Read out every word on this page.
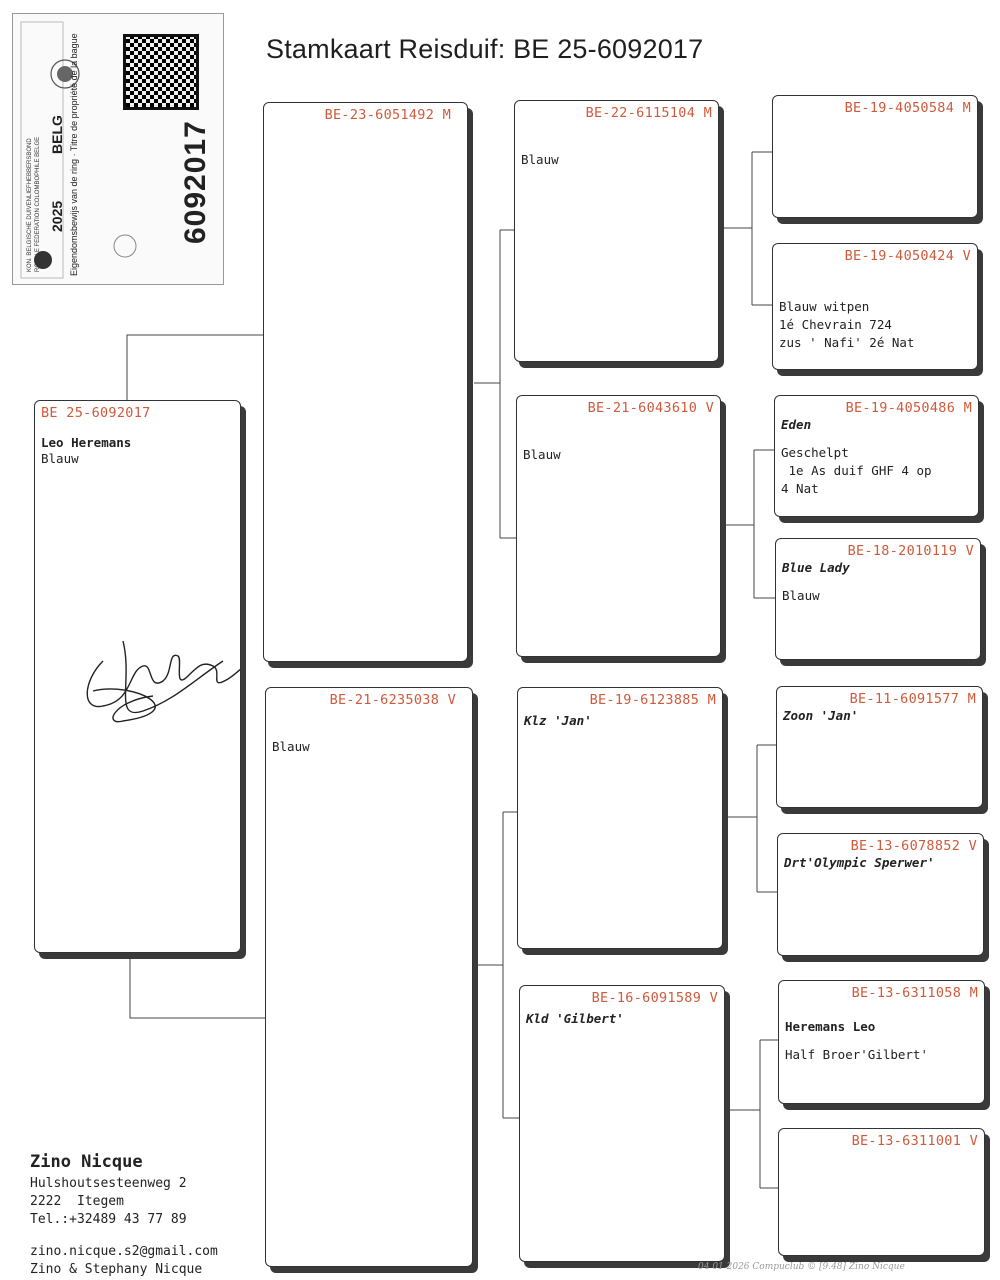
KON. BELGISCHE DUIVENLIEFHEBBERSBOND ROYALE FEDERATION COLOMBOPHILE BELGE 2025
BELG Eigendomsbewijs van de ring · Titre de propriété de la bague	6092017
Stamkaart Reisduif: BE 25-6092017
BE 25-6092017
Leo Heremans
Blauw
BE-23-6051492 M
BE-21-6235038 V
Blauw
BE-22-6115104 M
Blauw
BE-21-6043610 V
Blauw
BE-19-6123885 M
Klz 'Jan'
BE-16-6091589 V
Kld 'Gilbert'
BE-19-4050584 M
BE-19-4050424 V
Blauw witpen
1é Chevrain 724
zus ' Nafi' 2é Nat
BE-19-4050486 M
Eden
Geschelpt
1e As duif GHF 4 op
4 Nat
BE-18-2010119 V
Blue Lady
Blauw
BE-11-6091577 M
Zoon 'Jan'
BE-13-6078852 V
Drt'Olympic Sperwer'
BE-13-6311058 M
Heremans Leo
Half Broer'Gilbert'
BE-13-6311001 V
Zino Nicque
Hulshoutsesteenweg 2
2222  Itegem
Tel.:+32489 43 77 89
zino.nicque.s2@gmail.com
Zino & Stephany Nicque	04 01 2026 Compuclub © [9.48] Zino Nicque
